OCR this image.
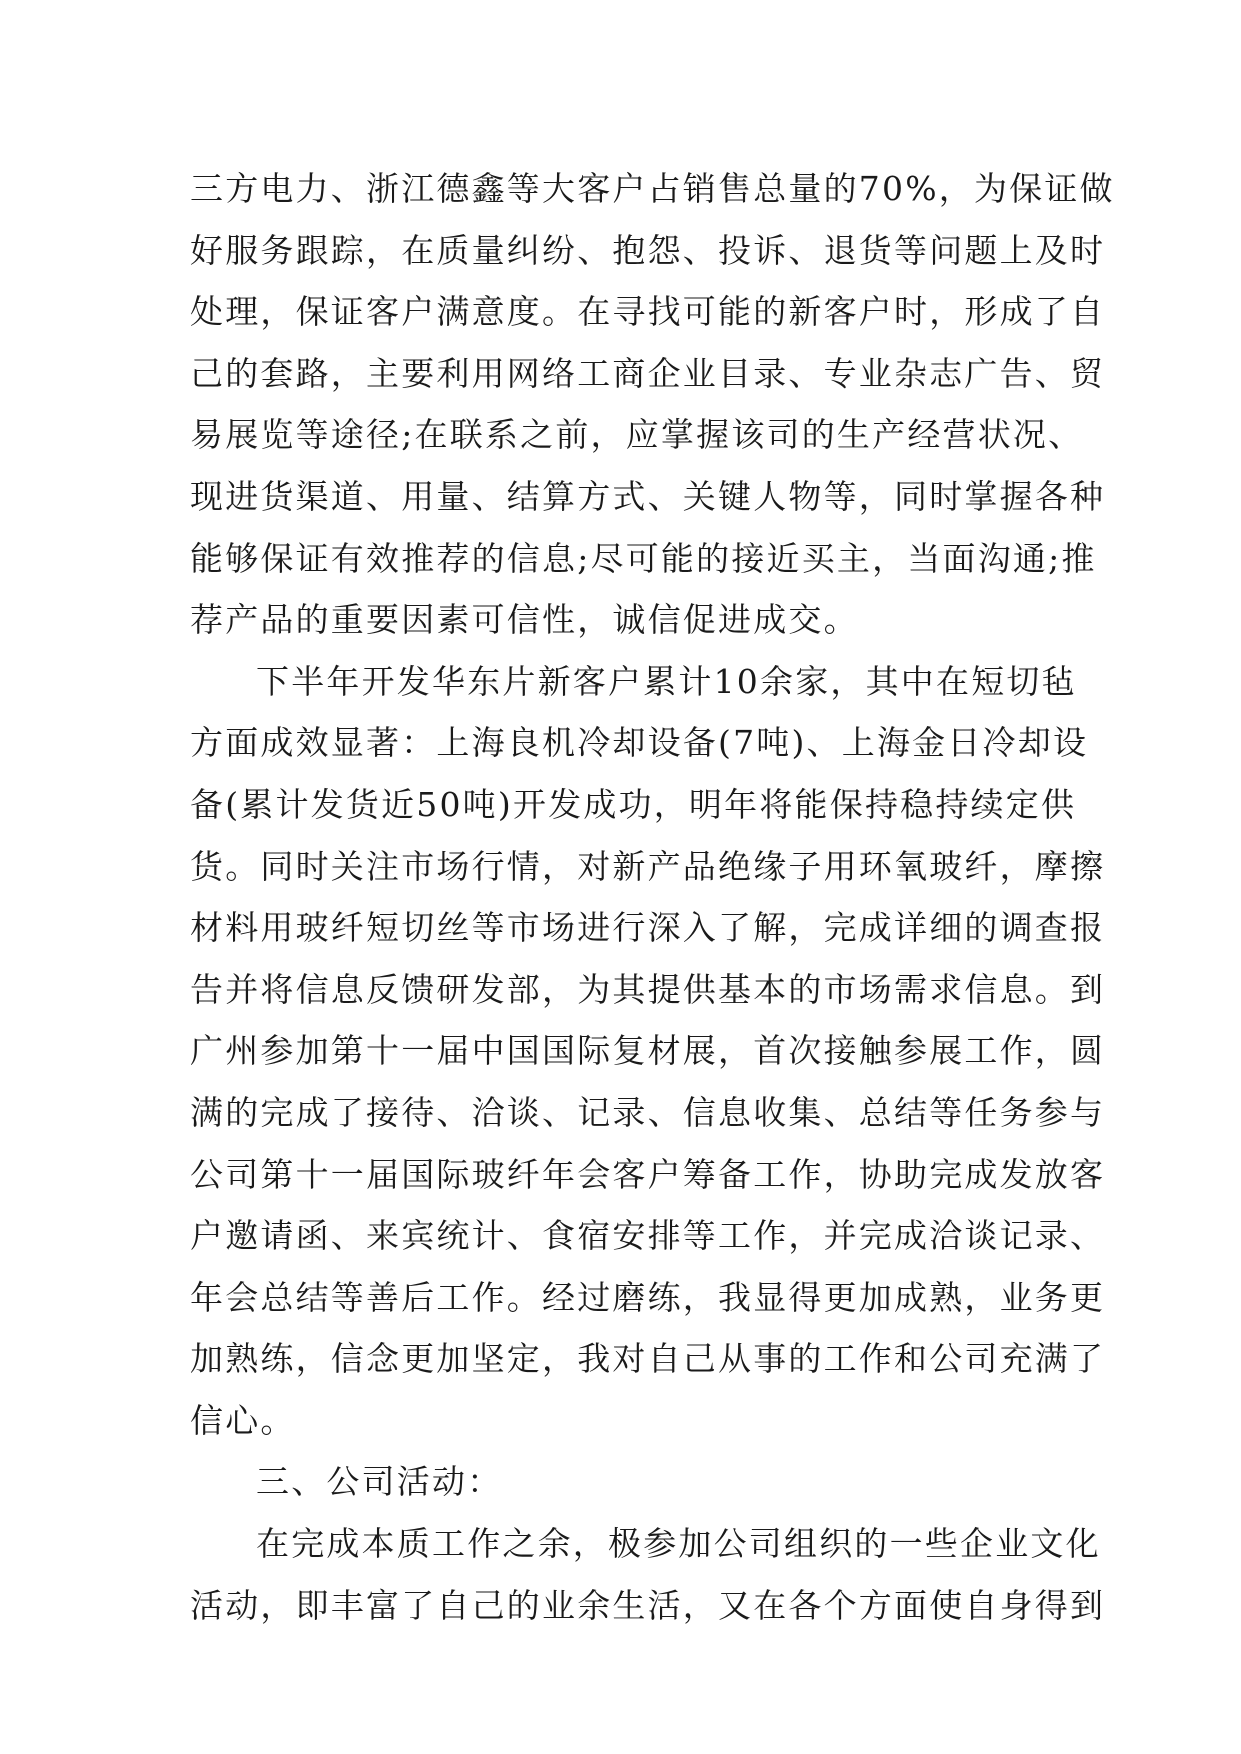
三方电力、浙江德鑫等大客户占销售总量的70%，为保证做
好服务跟踪，在质量纠纷、抱怨、投诉、退货等问题上及时
处理，保证客户满意度。在寻找可能的新客户时，形成了自
己的套路，主要利用网络工商企业目录、专业杂志广告、贸
易展览等途径;在联系之前，应掌握该司的生产经营状况、
现进货渠道、用量、结算方式、关键人物等，同时掌握各种
能够保证有效推荐的信息;尽可能的接近买主，当面沟通;推
荐产品的重要因素可信性，诚信促进成交。
下半年开发华东片新客户累计10余家，其中在短切毡
方面成效显著：上海良机冷却设备(7吨)、上海金日冷却设
备(累计发货近50吨)开发成功，明年将能保持稳持续定供
货。同时关注市场行情，对新产品绝缘子用环氧玻纤，摩擦
材料用玻纤短切丝等市场进行深入了解，完成详细的调查报
告并将信息反馈研发部，为其提供基本的市场需求信息。到
广州参加第十一届中国国际复材展，首次接触参展工作，圆
满的完成了接待、洽谈、记录、信息收集、总结等任务参与
公司第十一届国际玻纤年会客户筹备工作，协助完成发放客
户邀请函、来宾统计、食宿安排等工作，并完成洽谈记录、
年会总结等善后工作。经过磨练，我显得更加成熟，业务更
加熟练，信念更加坚定，我对自己从事的工作和公司充满了
信心。
三、公司活动：
在完成本质工作之余，极参加公司组织的一些企业文化
活动，即丰富了自己的业余生活，又在各个方面使自身得到
